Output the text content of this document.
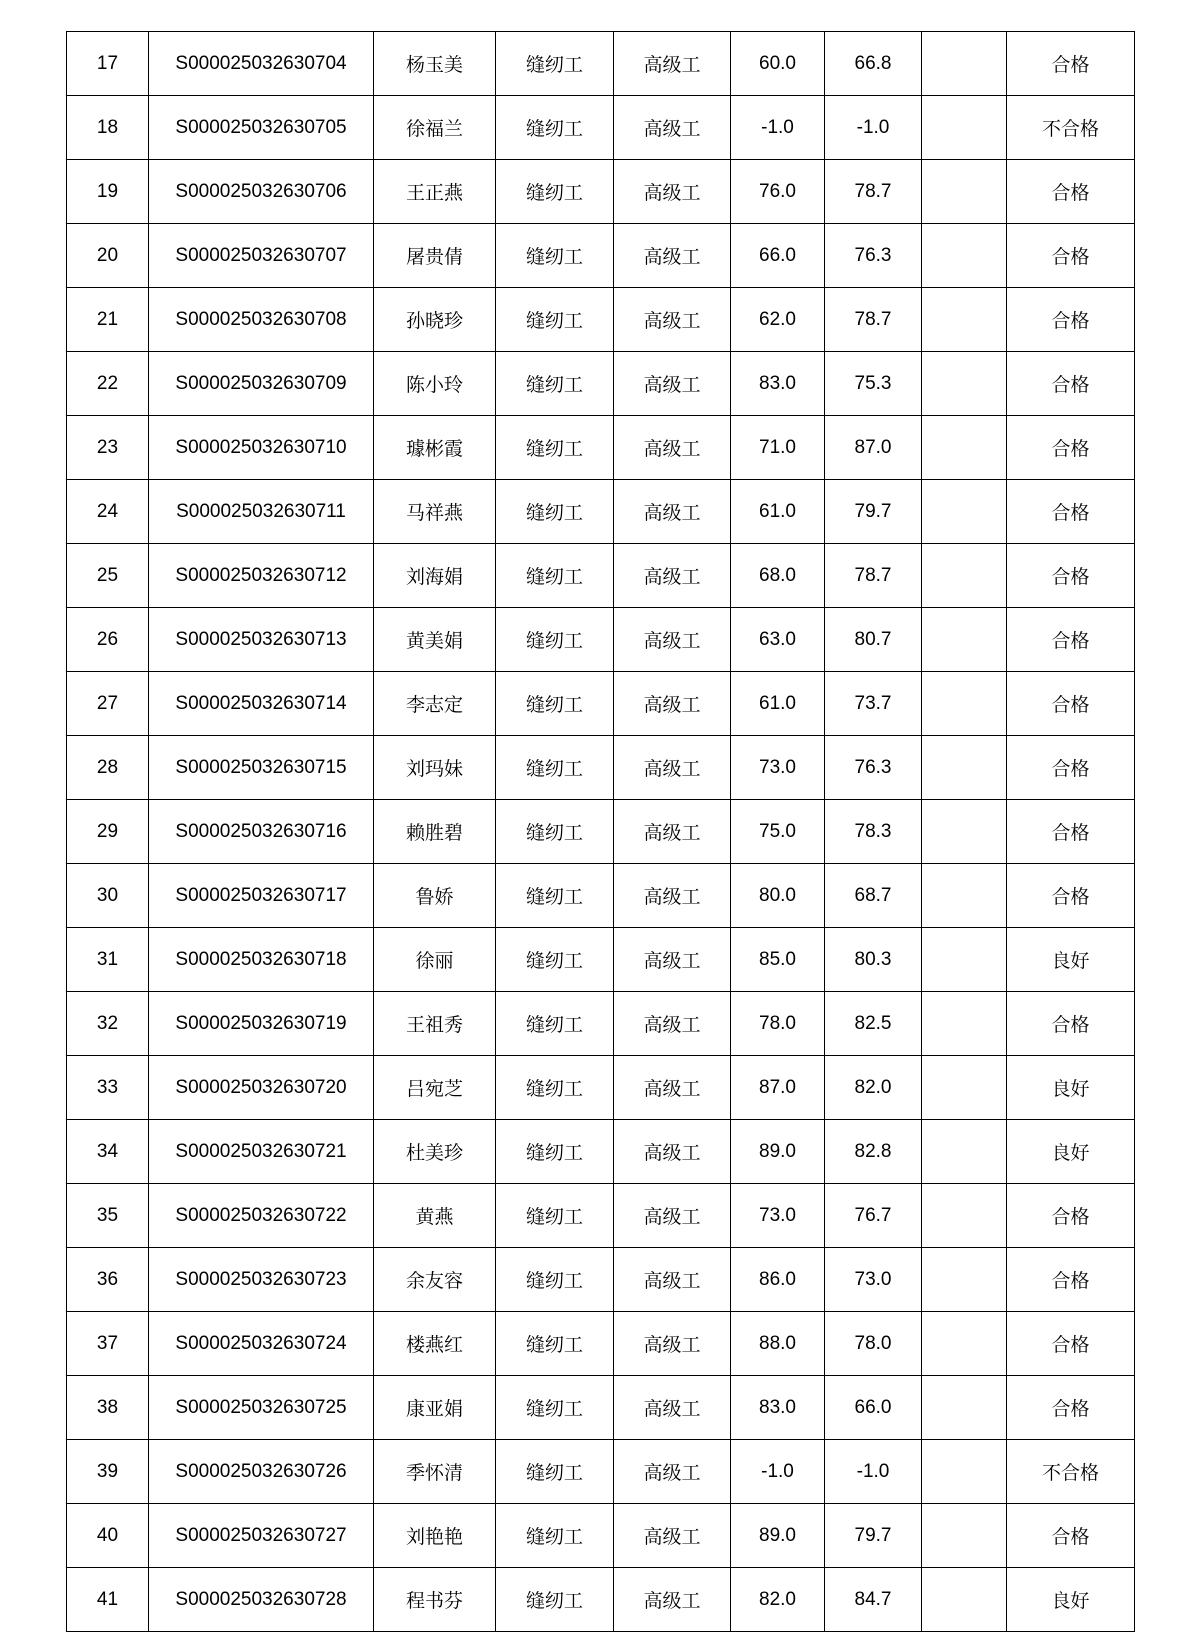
17	S000025032630704	杨玉美	缝纫工	高级工	60.0	66.8		合格
18	S000025032630705	徐福兰	缝纫工	高级工	-1.0	-1.0		不合格
19	S000025032630706	王正燕	缝纫工	高级工	76.0	78.7		合格
20	S000025032630707	屠贵倩	缝纫工	高级工	66.0	76.3		合格
21	S000025032630708	孙晓珍	缝纫工	高级工	62.0	78.7		合格
22	S000025032630709	陈小玲	缝纫工	高级工	83.0	75.3		合格
23	S000025032630710	璩彬霞	缝纫工	高级工	71.0	87.0		合格
24	S000025032630711	马祥燕	缝纫工	高级工	61.0	79.7		合格
25	S000025032630712	刘海娟	缝纫工	高级工	68.0	78.7		合格
26	S000025032630713	黄美娟	缝纫工	高级工	63.0	80.7		合格
27	S000025032630714	李志定	缝纫工	高级工	61.0	73.7		合格
28	S000025032630715	刘玛妹	缝纫工	高级工	73.0	76.3		合格
29	S000025032630716	赖胜碧	缝纫工	高级工	75.0	78.3		合格
30	S000025032630717	鲁娇	缝纫工	高级工	80.0	68.7		合格
31	S000025032630718	徐丽	缝纫工	高级工	85.0	80.3		良好
32	S000025032630719	王祖秀	缝纫工	高级工	78.0	82.5		合格
33	S000025032630720	吕宛芝	缝纫工	高级工	87.0	82.0		良好
34	S000025032630721	杜美珍	缝纫工	高级工	89.0	82.8		良好
35	S000025032630722	黄燕	缝纫工	高级工	73.0	76.7		合格
36	S000025032630723	余友容	缝纫工	高级工	86.0	73.0		合格
37	S000025032630724	楼燕红	缝纫工	高级工	88.0	78.0		合格
38	S000025032630725	康亚娟	缝纫工	高级工	83.0	66.0		合格
39	S000025032630726	季怀清	缝纫工	高级工	-1.0	-1.0		不合格
40	S000025032630727	刘艳艳	缝纫工	高级工	89.0	79.7		合格
41	S000025032630728	程书芬	缝纫工	高级工	82.0	84.7		良好
